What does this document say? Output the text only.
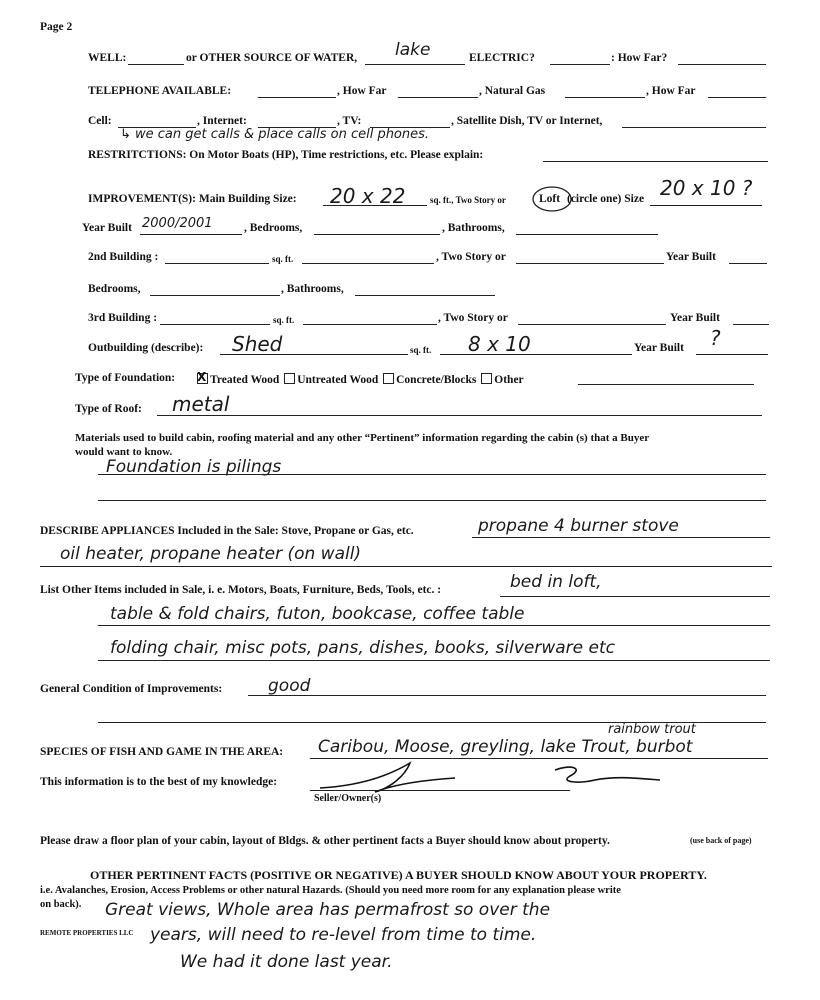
Page 2
WELL:	or OTHER SOURCE OF WATER, lake	ELECTRIC?	: How Far?
TELEPHONE AVAILABLE:	, How Far	, Natural Gas	, How Far
Cell:	, Internet:	, TV:	, Satellite Dish, TV or Internet,
↳ we can get calls & place calls on cell phones.
RESTRITCTIONS: On Motor Boats (HP), Time restrictions, etc. Please explain:
IMPROVEMENT(S): Main Building Size: 20 x 22	sq. ft., Two Story or	Loft (circle one) Size 20 x 10 ?
Year Built 2000/2001	, Bedrooms,	, Bathrooms,
2nd Building :	sq. ft.	, Two Story or	Year Built
Bedrooms,	, Bathrooms,
3rd Building :	sq. ft.	, Two Story or	Year Built
Outbuilding (describe): Shed	sq. ft. 8 x 10	Year Built ?
Type of Foundation: X Treated Wood Untreated Wood Concrete/Blocks Other
Type of Roof: metal
Materials used to build cabin, roofing material and any other “Pertinent” information regarding the cabin (s) that a Buyer
would want to know.
Foundation is pilings
DESCRIBE APPLIANCES Included in the Sale: Stove, Propane or Gas, etc.	propane 4 burner stove
oil heater, propane heater (on wall)
List Other Items included in Sale, i. e. Motors, Boats, Furniture, Beds, Tools, etc. :	bed in loft,
table & fold chairs, futon, bookcase, coffee table
folding chair, misc pots, pans, dishes, books, silverware etc
General Condition of Improvements:	good
SPECIES OF FISH AND GAME IN THE AREA:
rainbow trout
Caribou, Moose, greyling, lake Trout, burbot
This information is to the best of my knowledge:
Seller/Owner(s)
Please draw a floor plan of your cabin, layout of Bldgs. & other pertinent facts a Buyer should know about property.	(use back of page)
OTHER PERTINENT FACTS (POSITIVE OR NEGATIVE) A BUYER SHOULD KNOW ABOUT YOUR PROPERTY.
i.e. Avalanches, Erosion, Access Problems or other natural Hazards. (Should you need more room for any explanation please write
on back). Great views, Whole area has permafrost so over the
years, will need to re-level from time to time.
We had it done last year.
REMOTE PROPERTIES LLC
